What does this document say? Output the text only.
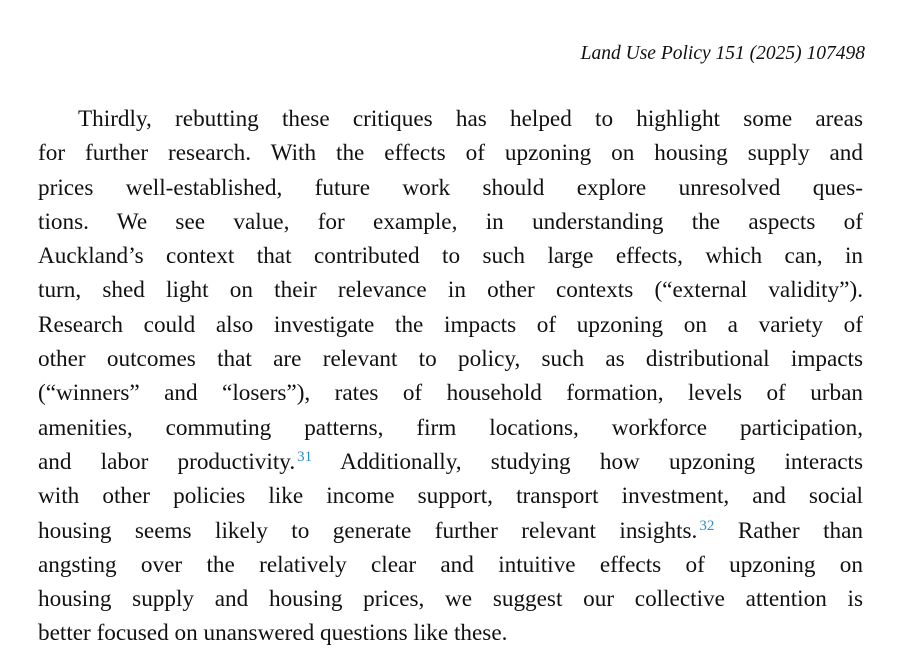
Land Use Policy 151 (2025) 107498
Thirdly, rebutting these critiques has helped to highlight some areas
for further research. With the effects of upzoning on housing supply and
prices well-established, future work should explore unresolved ques-
tions. We see value, for example, in understanding the aspects of
Auckland’s context that contributed to such large effects, which can, in
turn, shed light on their relevance in other contexts (“external validity”).
Research could also investigate the impacts of upzoning on a variety of
other outcomes that are relevant to policy, such as distributional impacts
(“winners” and “losers”), rates of household formation, levels of urban
amenities, commuting patterns, firm locations, workforce participation,
and labor productivity. $^{31}$ Additionally, studying how upzoning interacts
with other policies like income support, transport investment, and social
housing seems likely to generate further relevant insights. $^{32}$ Rather than
angsting over the relatively clear and intuitive effects of upzoning on
housing supply and housing prices, we suggest our collective attention is
better focused on unanswered questions like these.
